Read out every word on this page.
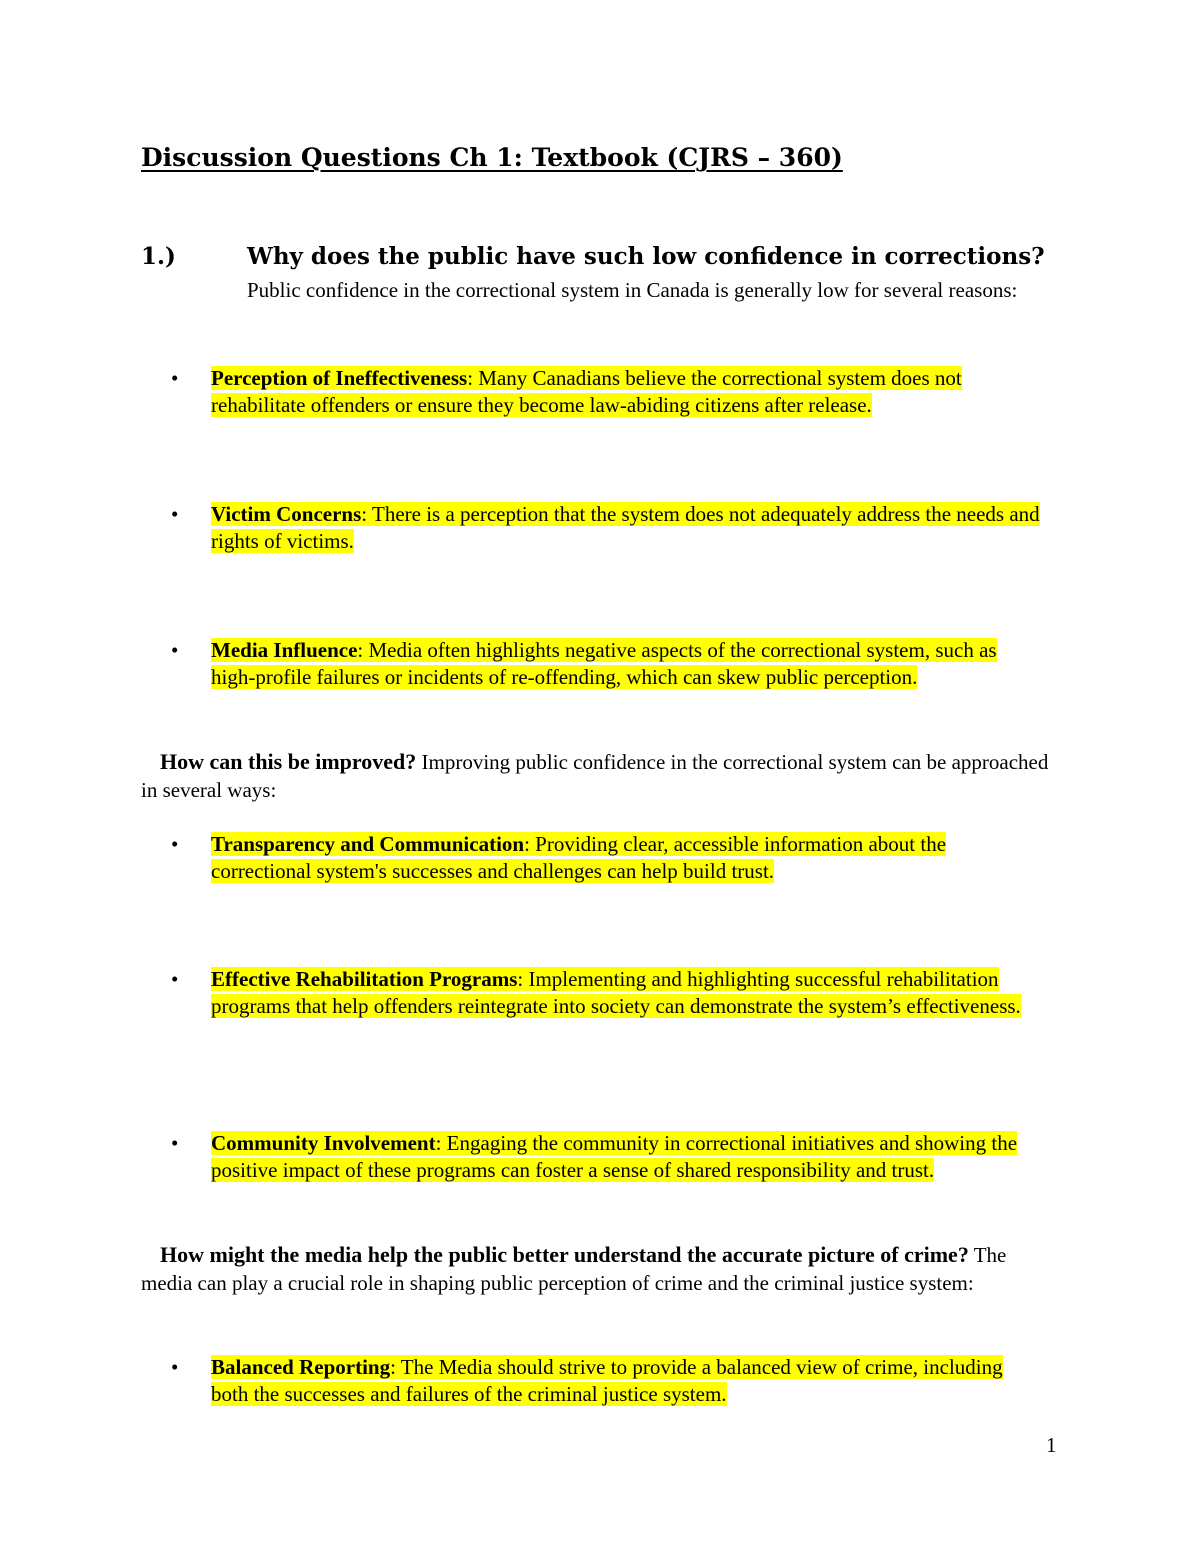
Discussion Questions Ch 1: Textbook (CJRS – 360)
1.)	Why does the public have such low confidence in corrections? Public confidence in the correctional system in Canada is generally low for several reasons:
• Perception of Ineffectiveness: Many Canadians believe the correctional system does not rehabilitate offenders or ensure they become law-abiding citizens after release.
• Victim Concerns: There is a perception that the system does not adequately address the needs and rights of victims.
• Media Influence: Media often highlights negative aspects of the correctional system, such as high-profile failures or incidents of re-offending, which can skew public perception.
How can this be improved? Improving public confidence in the correctional system can be approached in several ways:
• Transparency and Communication: Providing clear, accessible information about the correctional system's successes and challenges can help build trust.
• Effective Rehabilitation Programs: Implementing and highlighting successful rehabilitation programs that help offenders reintegrate into society can demonstrate the system’s effectiveness.
• Community Involvement: Engaging the community in correctional initiatives and showing the positive impact of these programs can foster a sense of shared responsibility and trust.
How might the media help the public better understand the accurate picture of crime? The media can play a crucial role in shaping public perception of crime and the criminal justice system:
• Balanced Reporting: The Media should strive to provide a balanced view of crime, including both the successes and failures of the criminal justice system.
1
